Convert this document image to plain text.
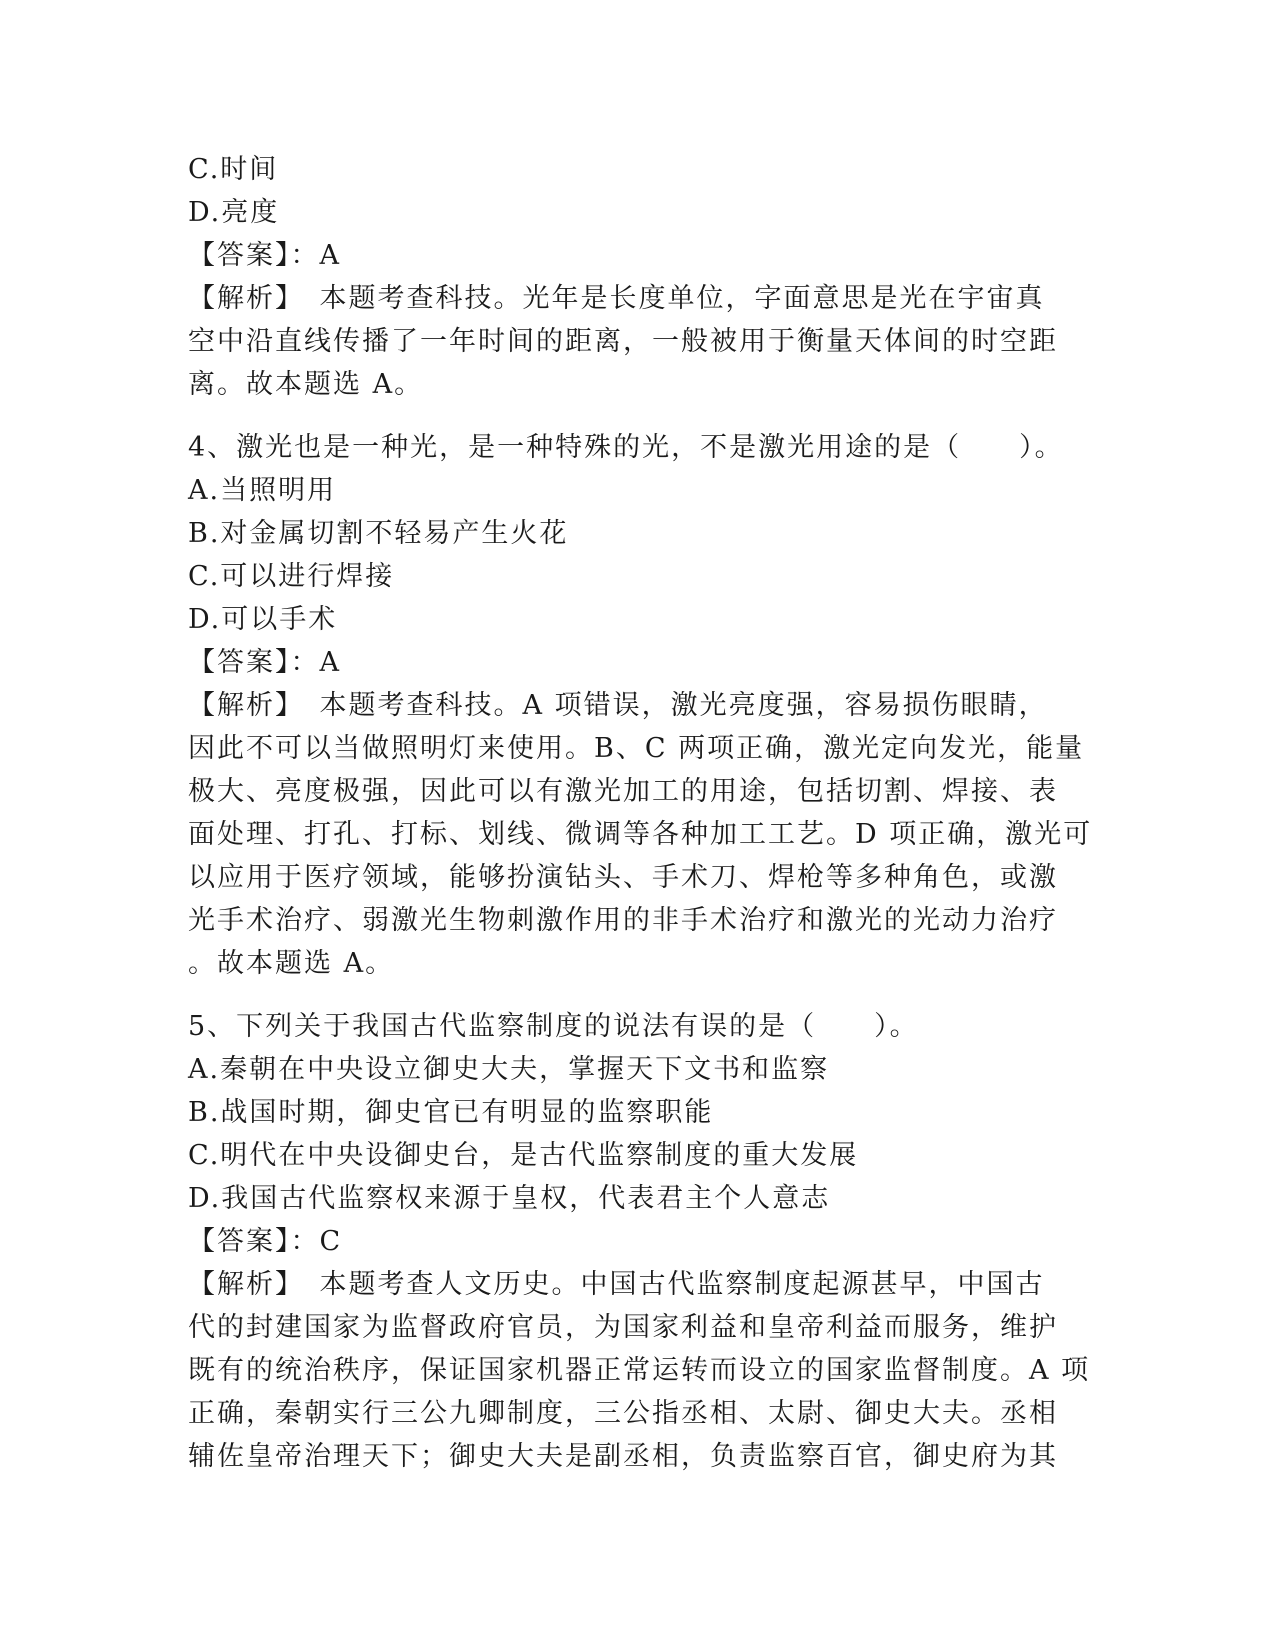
C.时间
D.亮度
【答案】：A
【解析】　本题考查科技。光年是长度单位，字面意思是光在宇宙真
空中沿直线传播了一年时间的距离，一般被用于衡量天体间的时空距
离。故本题选 A。
4、激光也是一种光，是一种特殊的光，不是激光用途的是（　　）。
A.当照明用
B.对金属切割不轻易产生火花
C.可以进行焊接
D.可以手术
【答案】：A
【解析】　本题考查科技。A 项错误，激光亮度强，容易损伤眼睛，
因此不可以当做照明灯来使用。B、C 两项正确，激光定向发光，能量
极大、亮度极强，因此可以有激光加工的用途，包括切割、焊接、表
面处理、打孔、打标、划线、微调等各种加工工艺。D 项正确，激光可
以应用于医疗领域，能够扮演钻头、手术刀、焊枪等多种角色，或激
光手术治疗、弱激光生物刺激作用的非手术治疗和激光的光动力治疗
。故本题选 A。
5、下列关于我国古代监察制度的说法有误的是（　　）。
A.秦朝在中央设立御史大夫，掌握天下文书和监察
B.战国时期，御史官已有明显的监察职能
C.明代在中央设御史台，是古代监察制度的重大发展
D.我国古代监察权来源于皇权，代表君主个人意志
【答案】：C
【解析】　本题考查人文历史。中国古代监察制度起源甚早，中国古
代的封建国家为监督政府官员，为国家利益和皇帝利益而服务，维护
既有的统治秩序，保证国家机器正常运转而设立的国家监督制度。A 项
正确，秦朝实行三公九卿制度，三公指丞相、太尉、御史大夫。丞相
辅佐皇帝治理天下；御史大夫是副丞相，负责监察百官，御史府为其
